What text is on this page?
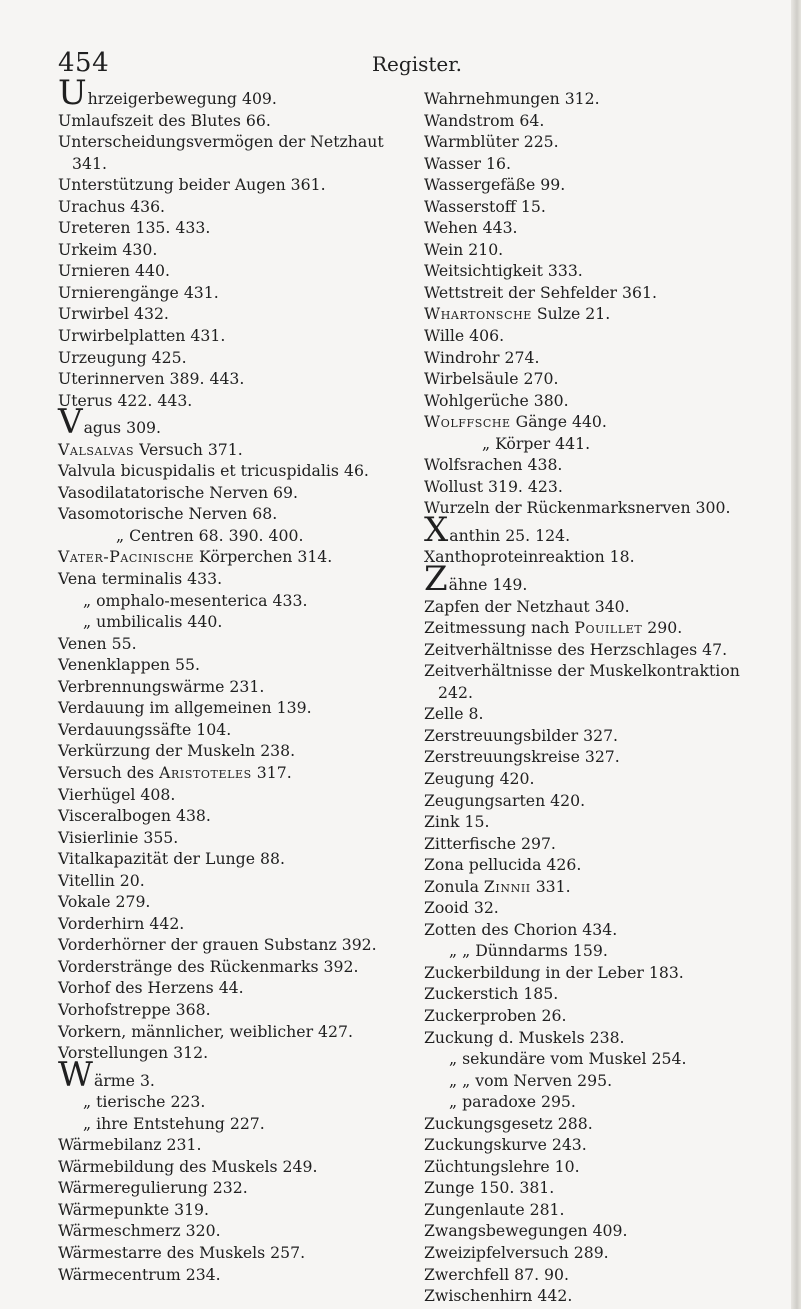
454	Register.
Uhrzeigerbewegung 409.
Umlaufszeit des Blutes 66.
Unterscheidungsvermögen der Netzhaut
341.
Unterstützung beider Augen 361.
Urachus 436.
Ureteren 135. 433.
Urkeim 430.
Urnieren 440.
Urnierengänge 431.
Urwirbel 432.
Urwirbelplatten 431.
Urzeugung 425.
Uterinnerven 389. 443.
Uterus 422. 443.
Vagus 309.
Valsalvas Versuch 371.
Valvula bicuspidalis et tricuspidalis 46.
Vasodilatatorische Nerven 69.
Vasomotorische Nerven 68.
„ Centren 68. 390. 400.
Vater-Pacinische Körperchen 314.
Vena terminalis 433.
„ omphalo-mesenterica 433.
„ umbilicalis 440.
Venen 55.
Venenklappen 55.
Verbrennungswärme 231.
Verdauung im allgemeinen 139.
Verdauungssäfte 104.
Verkürzung der Muskeln 238.
Versuch des Aristoteles 317.
Vierhügel 408.
Visceralbogen 438.
Visierlinie 355.
Vitalkapazität der Lunge 88.
Vitellin 20.
Vokale 279.
Vorderhirn 442.
Vorderhörner der grauen Substanz 392.
Vorderstränge des Rückenmarks 392.
Vorhof des Herzens 44.
Vorhofstreppe 368.
Vorkern, männlicher, weiblicher 427.
Vorstellungen 312.
Wärme 3.
„ tierische 223.
„ ihre Entstehung 227.
Wärmebilanz 231.
Wärmebildung des Muskels 249.
Wärmeregulierung 232.
Wärmepunkte 319.
Wärmeschmerz 320.
Wärmestarre des Muskels 257.
Wärmecentrum 234.
Wahrnehmungen 312.
Wandstrom 64.
Warmblüter 225.
Wasser 16.
Wassergefäße 99.
Wasserstoff 15.
Wehen 443.
Wein 210.
Weitsichtigkeit 333.
Wettstreit der Sehfelder 361.
Whartonsche Sulze 21.
Wille 406.
Windrohr 274.
Wirbelsäule 270.
Wohlgerüche 380.
Wolffsche Gänge 440.
„ Körper 441.
Wolfsrachen 438.
Wollust 319. 423.
Wurzeln der Rückenmarksnerven 300.
Xanthin 25. 124.
Xanthoproteinreaktion 18.
Zähne 149.
Zapfen der Netzhaut 340.
Zeitmessung nach Pouillet 290.
Zeitverhältnisse des Herzschlages 47.
Zeitverhältnisse der Muskelkontraktion
242.
Zelle 8.
Zerstreuungsbilder 327.
Zerstreuungskreise 327.
Zeugung 420.
Zeugungsarten 420.
Zink 15.
Zitterfische 297.
Zona pellucida 426.
Zonula Zinnii 331.
Zooid 32.
Zotten des Chorion 434.
„ „ Dünndarms 159.
Zuckerbildung in der Leber 183.
Zuckerstich 185.
Zuckerproben 26.
Zuckung d. Muskels 238.
„ sekundäre vom Muskel 254.
„ „ vom Nerven 295.
„ paradoxe 295.
Zuckungsgesetz 288.
Zuckungskurve 243.
Züchtungslehre 10.
Zunge 150. 381.
Zungenlaute 281.
Zwangsbewegungen 409.
Zweizipfelversuch 289.
Zwerchfell 87. 90.
Zwischenhirn 442.
